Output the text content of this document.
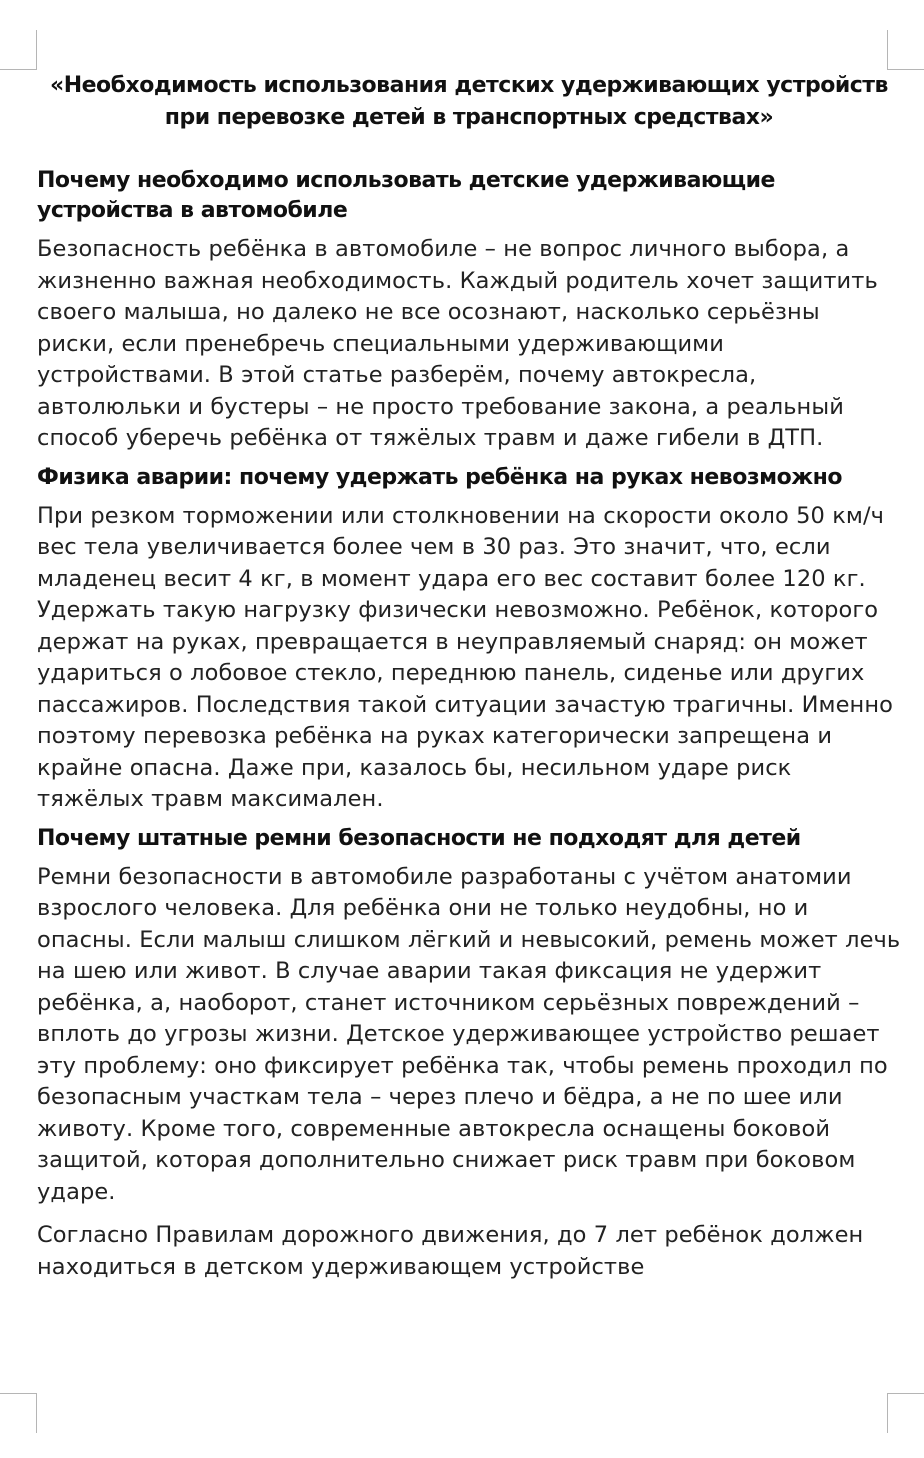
«Необходимость использования детских удерживающих устройств при перевозке детей в транспортных средствах»
Почему необходимо использовать детские удерживающие устройства в автомобиле

Безопасность ребёнка в автомобиле – не вопрос личного выбора, а жизненно важная необходимость. Каждый родитель хочет защитить своего малыша, но далеко не все осознают, насколько серьёзны риски, если пренебречь специальными удерживающими устройствами. В этой статье разберём, почему автокресла, автолюльки и бустеры – не просто требование закона, а реальный способ уберечь ребёнка от тяжёлых травм и даже гибели в ДТП.

Физика аварии: почему удержать ребёнка на руках невозможно

При резком торможении или столкновении на скорости около 50 км/ч вес тела увеличивается более чем в 30 раз. Это значит, что, если младенец весит 4 кг, в момент удара его вес составит более 120 кг. Удержать такую нагрузку физически невозможно. Ребёнок, которого держат на руках, превращается в неуправляемый снаряд: он может удариться о лобовое стекло, переднюю панель, сиденье или других пассажиров. Последствия такой ситуации зачастую трагичны. Именно поэтому перевозка ребёнка на руках категорически запрещена и крайне опасна. Даже при, казалось бы, несильном ударе риск тяжёлых травм максимален.

Почему штатные ремни безопасности не подходят для детей

Ремни безопасности в автомобиле разработаны с учётом анатомии взрослого человека. Для ребёнка они не только неудобны, но и опасны. Если малыш слишком лёгкий и невысокий, ремень может лечь на шею или живот. В случае аварии такая фиксация не удержит ребёнка, а, наоборот, станет источником серьёзных повреждений – вплоть до угрозы жизни. Детское удерживающее устройство решает эту проблему: оно фиксирует ребёнка так, чтобы ремень проходил по безопасным участкам тела – через плечо и бёдра, а не по шее или животу. Кроме того, современные автокресла оснащены боковой защитой, которая дополнительно снижает риск травм при боковом ударе.

Согласно Правилам дорожного движения, до 7 лет ребёнок должен находиться в детском удерживающем устройстве
